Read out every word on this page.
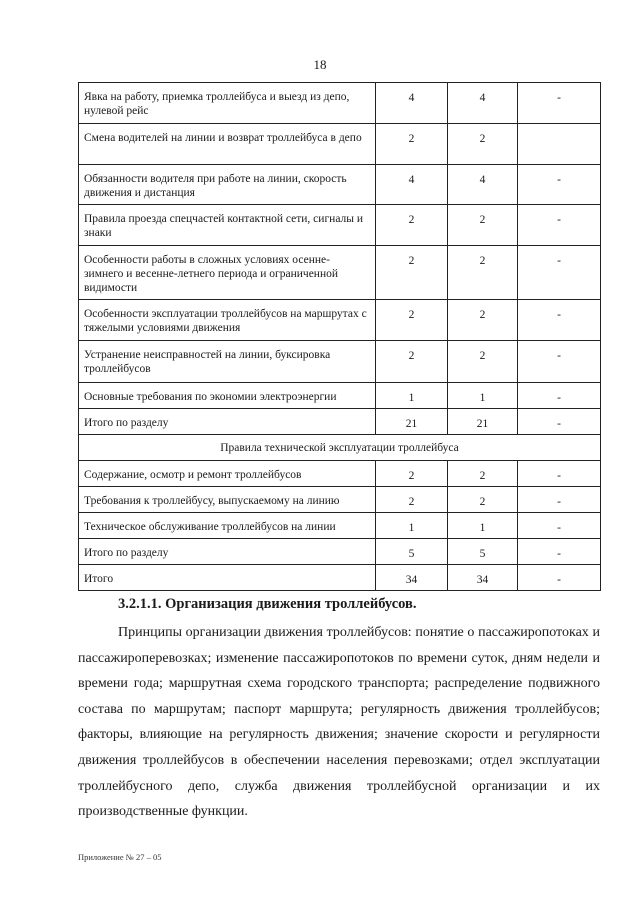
18
Явка на работу, приемка троллейбуса и выезд из депо, нулевой рейс	4	4	-
Смена водителей на линии и возврат троллейбуса в депо	2	2	
Обязанности водителя при работе на линии, скорость движения и дистанция	4	4	-
Правила проезда спецчастей контактной сети, сигналы и знаки	2	2	-
Особенности работы в сложных условиях осенне-зимнего и весенне-летнего периода и ограниченной видимости	2	2	-
Особенности эксплуатации троллейбусов на маршрутах с тяжелыми условиями движения	2	2	-
Устранение неисправностей на линии, буксировка троллейбусов	2	2	-
Основные требования по экономии электроэнергии	1	1	-
Итого по разделу	21	21	-
Правила технической эксплуатации троллейбуса			
Содержание, осмотр и ремонт троллейбусов	2	2	-
Требования к троллейбусу, выпускаемому на линию	2	2	-
Техническое обслуживание троллейбусов на линии	1	1	-
Итого по разделу	5	5	-
Итого	34	34	-
3.2.1.1. Организация движения троллейбусов.

Принципы организации движения троллейбусов: понятие о пассажиропотоках и пассажироперевозках; изменение пассажиропотоков по времени суток, дням недели и времени года; маршрутная схема городского транспорта; распределение подвижного состава по маршрутам; паспорт маршрута; регулярность движения троллейбусов; факторы, влияющие на регулярность движения; значение скорости и регулярности движения троллейбусов в обеспечении населения перевозками; отдел эксплуатации троллейбусного депо, служба движения троллейбусной организации и их производственные функции.

Приложение № 27 – 05
